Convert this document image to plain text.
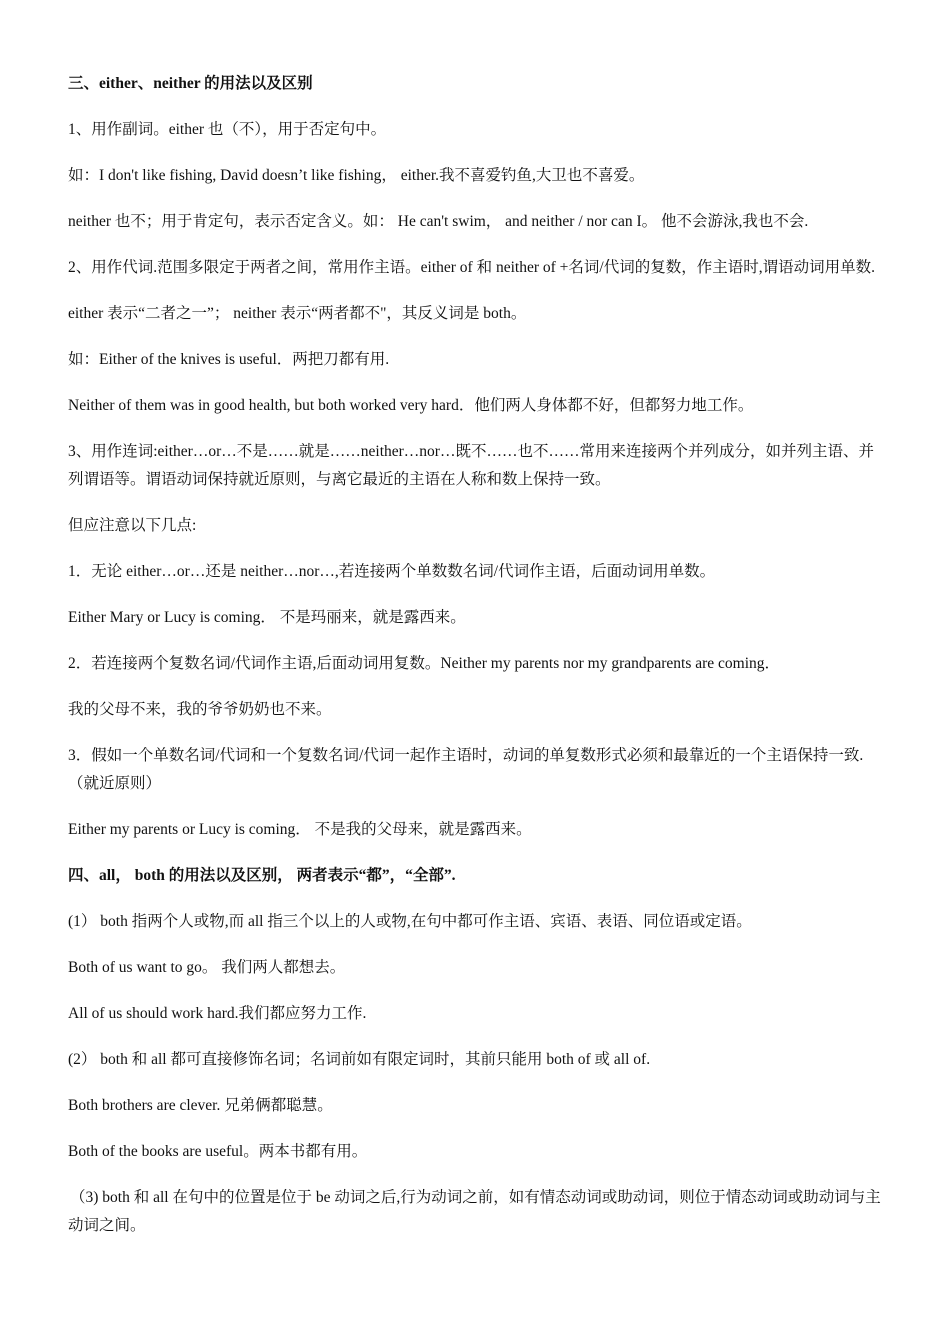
三、either、neither 的用法以及区别

1、用作副词。either 也（不），用于否定句中。

如：I don't like fishing, David doesn’t like fishing， either.我不喜爱钓鱼,大卫也不喜爱。

neither 也不；用于肯定句，表示否定含义。如： He can't swim， and neither / nor can I。 他不会游泳,我也不会.

2、用作代词.范围多限定于两者之间，常用作主语。either of 和 neither of +名词/代词的复数，作主语时,谓语动词用单数.

either 表示“二者之一”； neither 表示“两者都不"，其反义词是 both。

如：Either of the knives is useful．两把刀都有用.

Neither of them was in good health, but both worked very hard．他们两人身体都不好，但都努力地工作。

3、用作连词:either…or…不是……就是……neither…nor…既不……也不……常用来连接两个并列成分，如并列主语、并列谓语等。谓语动词保持就近原则，与离它最近的主语在人称和数上保持一致。

但应注意以下几点:

1．无论 either…or…还是 neither…nor…,若连接两个单数数名词/代词作主语，后面动词用单数。

Either Mary or Lucy is coming． 不是玛丽来，就是露西来。

2．若连接两个复数名词/代词作主语,后面动词用复数。Neither my parents nor my grandparents are coming．

我的父母不来，我的爷爷奶奶也不来。

3．假如一个单数名词/代词和一个复数名词/代词一起作主语时，动词的单复数形式必须和最靠近的一个主语保持一致.（就近原则）

Either my parents or Lucy is coming． 不是我的父母来，就是露西来。

四、all， both 的用法以及区别， 两者表示“都”，“全部”.

(1） both 指两个人或物,而 all 指三个以上的人或物,在句中都可作主语、宾语、表语、同位语或定语。

Both of us want to go。 我们两人都想去。

All of us should work hard.我们都应努力工作.

(2） both 和 all 都可直接修饰名词；名词前如有限定词时，其前只能用 both of 或 all of.

Both brothers are clever. 兄弟俩都聪慧。

Both of the books are useful。两本书都有用。

（3) both 和 all 在句中的位置是位于 be 动词之后,行为动词之前，如有情态动词或助动词，则位于情态动词或助动词与主动词之间。
